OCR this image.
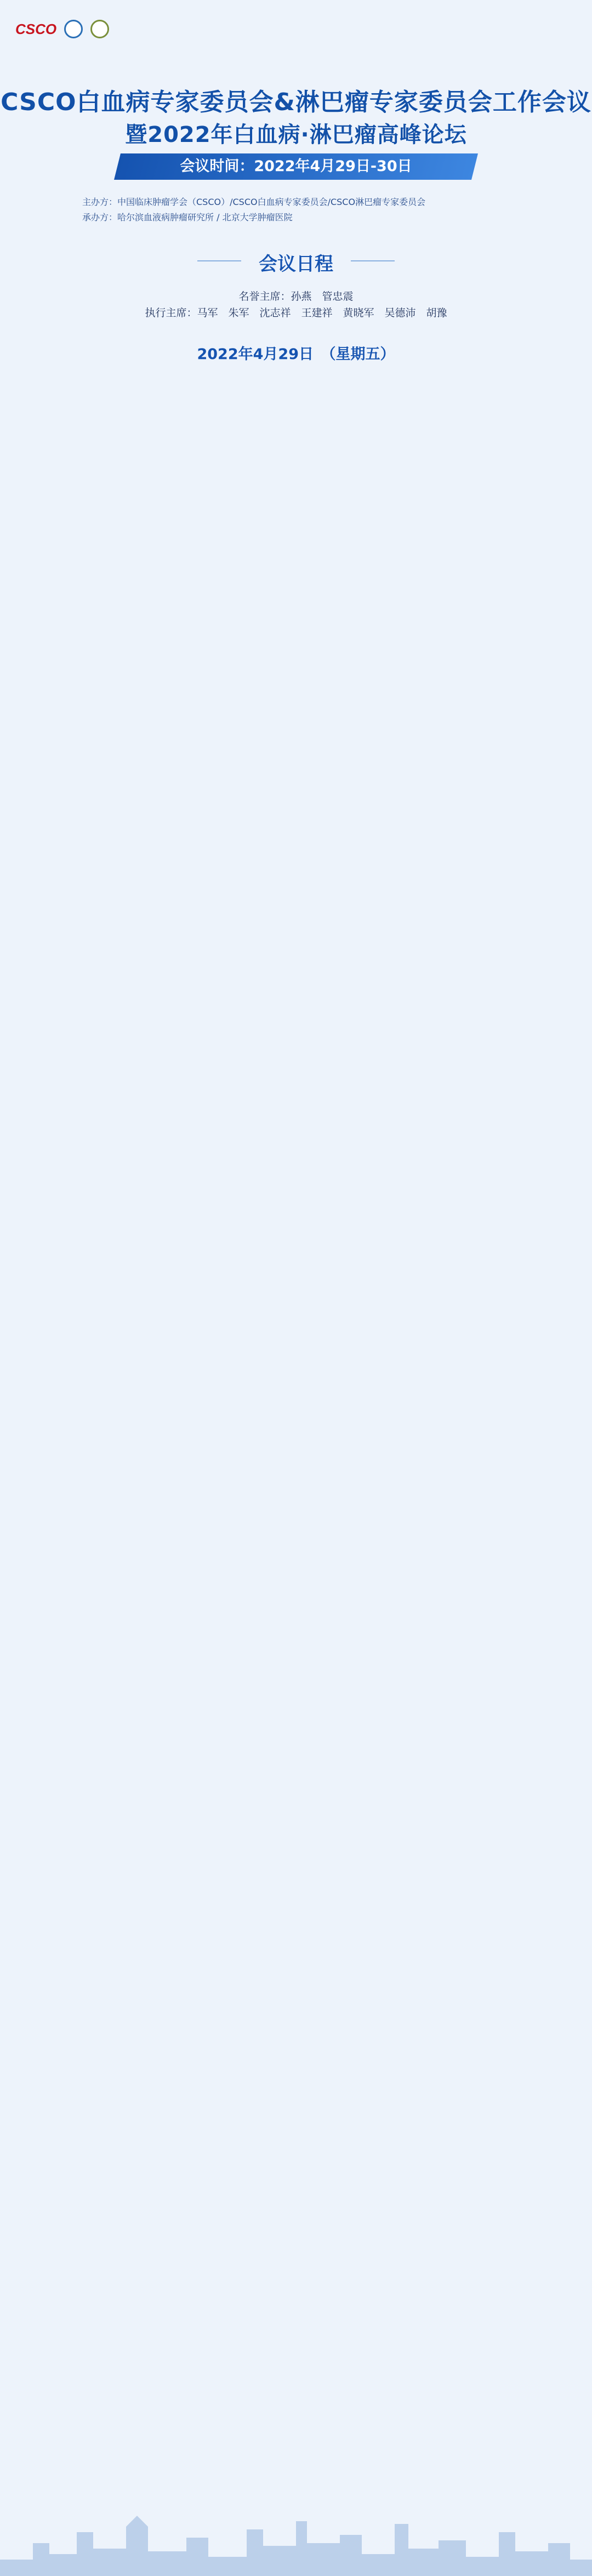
CSCO
CSCO白血病专家委员会&淋巴瘤专家委员会工作会议
暨2022年白血病·淋巴瘤高峰论坛
会议时间：2022年4月29日-30日
主办方：中国临床肿瘤学会（CSCO）/CSCO白血病专家委员会/CSCO淋巴瘤专家委员会
承办方：哈尔滨血液病肿瘤研究所 / 北京大学肿瘤医院
会议日程
名誉主席：孙燕　管忠震
执行主席：马军　朱军　沈志祥　王建祥　黄晓军　吴德沛　胡豫
2022年4月29日　（星期五）
